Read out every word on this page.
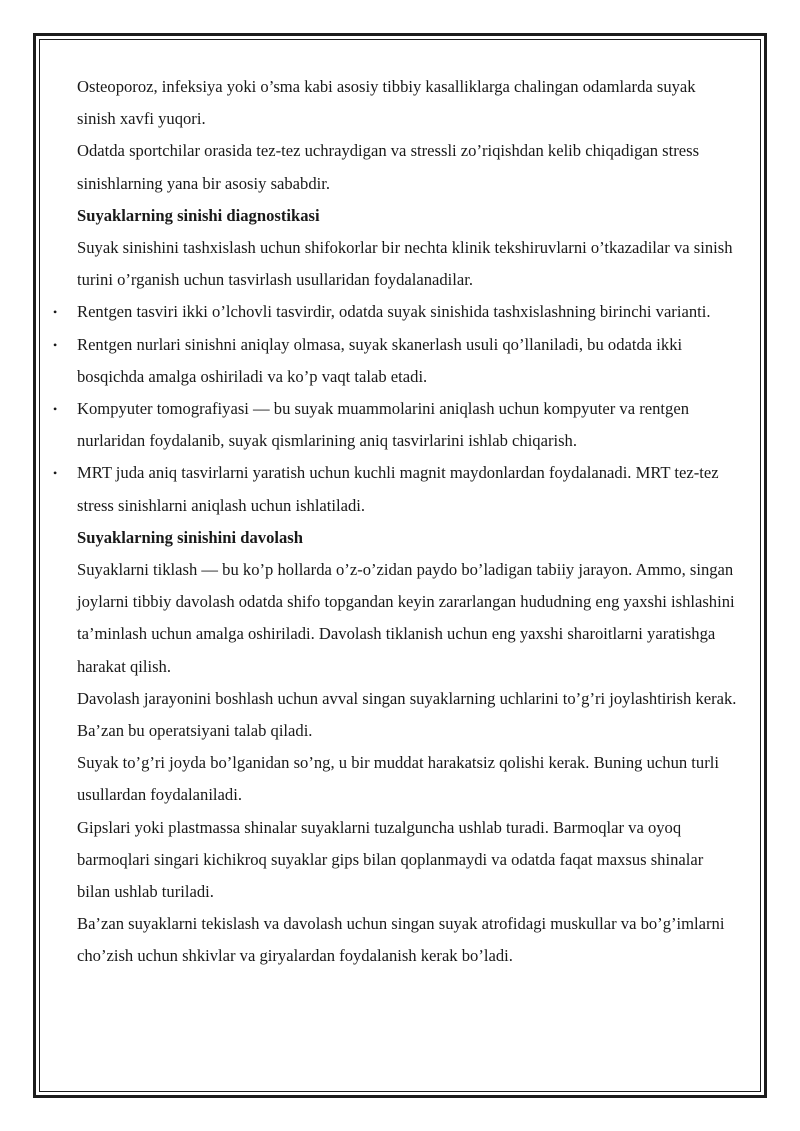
Osteoporoz, infeksiya yoki o’sma kabi asosiy tibbiy kasalliklarga chalingan odamlarda suyak sinish xavfi yuqori.

Odatda sportchilar orasida tez-tez uchraydigan va stressli zo’riqishdan kelib chiqadigan stress sinishlarning yana bir asosiy sababdir.

Suyaklarning sinishi diagnostikasi

Suyak sinishini tashxislash uchun shifokorlar bir nechta klinik tekshiruvlarni o’tkazadilar va sinish turini o’rganish uchun tasvirlash usullaridan foydalanadilar.

• Rentgen tasviri ikki o’lchovli tasvirdir, odatda suyak sinishida tashxislashning birinchi varianti.
• Rentgen nurlari sinishni aniqlay olmasa, suyak skanerlash usuli qo’llaniladi, bu odatda ikki bosqichda amalga oshiriladi va ko’p vaqt talab etadi.
• Kompyuter tomografiyasi — bu suyak muammolarini aniqlash uchun kompyuter va rentgen nurlaridan foydalanib, suyak qismlarining aniq tasvirlarini ishlab chiqarish.
• MRT juda aniq tasvirlarni yaratish uchun kuchli magnit maydonlardan foydalanadi. MRT tez-tez stress sinishlarni aniqlash uchun ishlatiladi.

Suyaklarning sinishini davolash

Suyaklarni tiklash — bu ko’p hollarda o’z-o’zidan paydo bo’ladigan tabiiy jarayon. Ammo, singan joylarni tibbiy davolash odatda shifo topgandan keyin zararlangan hududning eng yaxshi ishlashini ta’minlash uchun amalga oshiriladi. Davolash tiklanish uchun eng yaxshi sharoitlarni yaratishga harakat qilish.

Davolash jarayonini boshlash uchun avval singan suyaklarning uchlarini to’g’ri joylashtirish kerak. Ba’zan bu operatsiyani talab qiladi.

Suyak to’g’ri joyda bo’lganidan so’ng, u bir muddat harakatsiz qolishi kerak. Buning uchun turli usullardan foydalaniladi.

Gipslari yoki plastmassa shinalar suyaklarni tuzalguncha ushlab turadi. Barmoqlar va oyoq barmoqlari singari kichikroq suyaklar gips bilan qoplanmaydi va odatda faqat maxsus shinalar bilan ushlab turiladi.

Ba’zan suyaklarni tekislash va davolash uchun singan suyak atrofidagi muskullar va bo’g’imlarni cho’zish uchun shkivlar va giryalardan foydalanish kerak bo’ladi.
